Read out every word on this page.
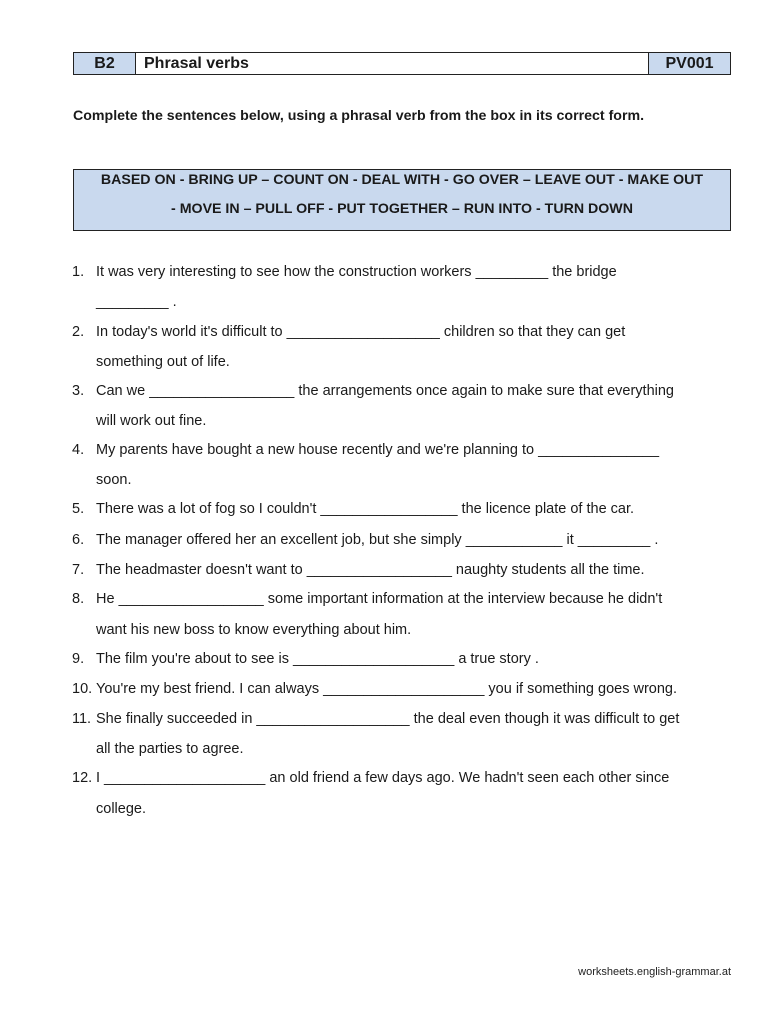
B2	Phrasal verbs	PV001
Complete the sentences below, using a phrasal verb from the box in its correct form.
BASED ON - BRING UP – COUNT ON - DEAL WITH - GO OVER – LEAVE OUT - MAKE OUT
- MOVE IN – PULL OFF - PUT TOGETHER – RUN INTO - TURN DOWN
1. It was very interesting to see how the construction workers _________ the bridge
_________ .
2. In today's world it's difficult to ___________________ children so that they can get
something out of life.
3. Can we __________________ the arrangements once again to make sure that everything
will work out fine.
4. My parents have bought a new house recently and we're planning to _______________
soon.
5. There was a lot of fog so I couldn't _________________ the licence plate of the car.
6. The manager offered her an excellent job, but she simply ____________ it _________ .
7. The headmaster doesn't want to __________________ naughty students all the time.
8. He __________________ some important information at the interview because he didn't
want his new boss to know everything about him.
9. The film you're about to see is ____________________ a true story .
10. You're my best friend. I can always ____________________ you if something goes wrong.
11. She finally succeeded in ___________________ the deal even though it was difficult to get
all the parties to agree.
12. I ____________________ an old friend a few days ago. We hadn't seen each other since
college.
worksheets.english-grammar.at
